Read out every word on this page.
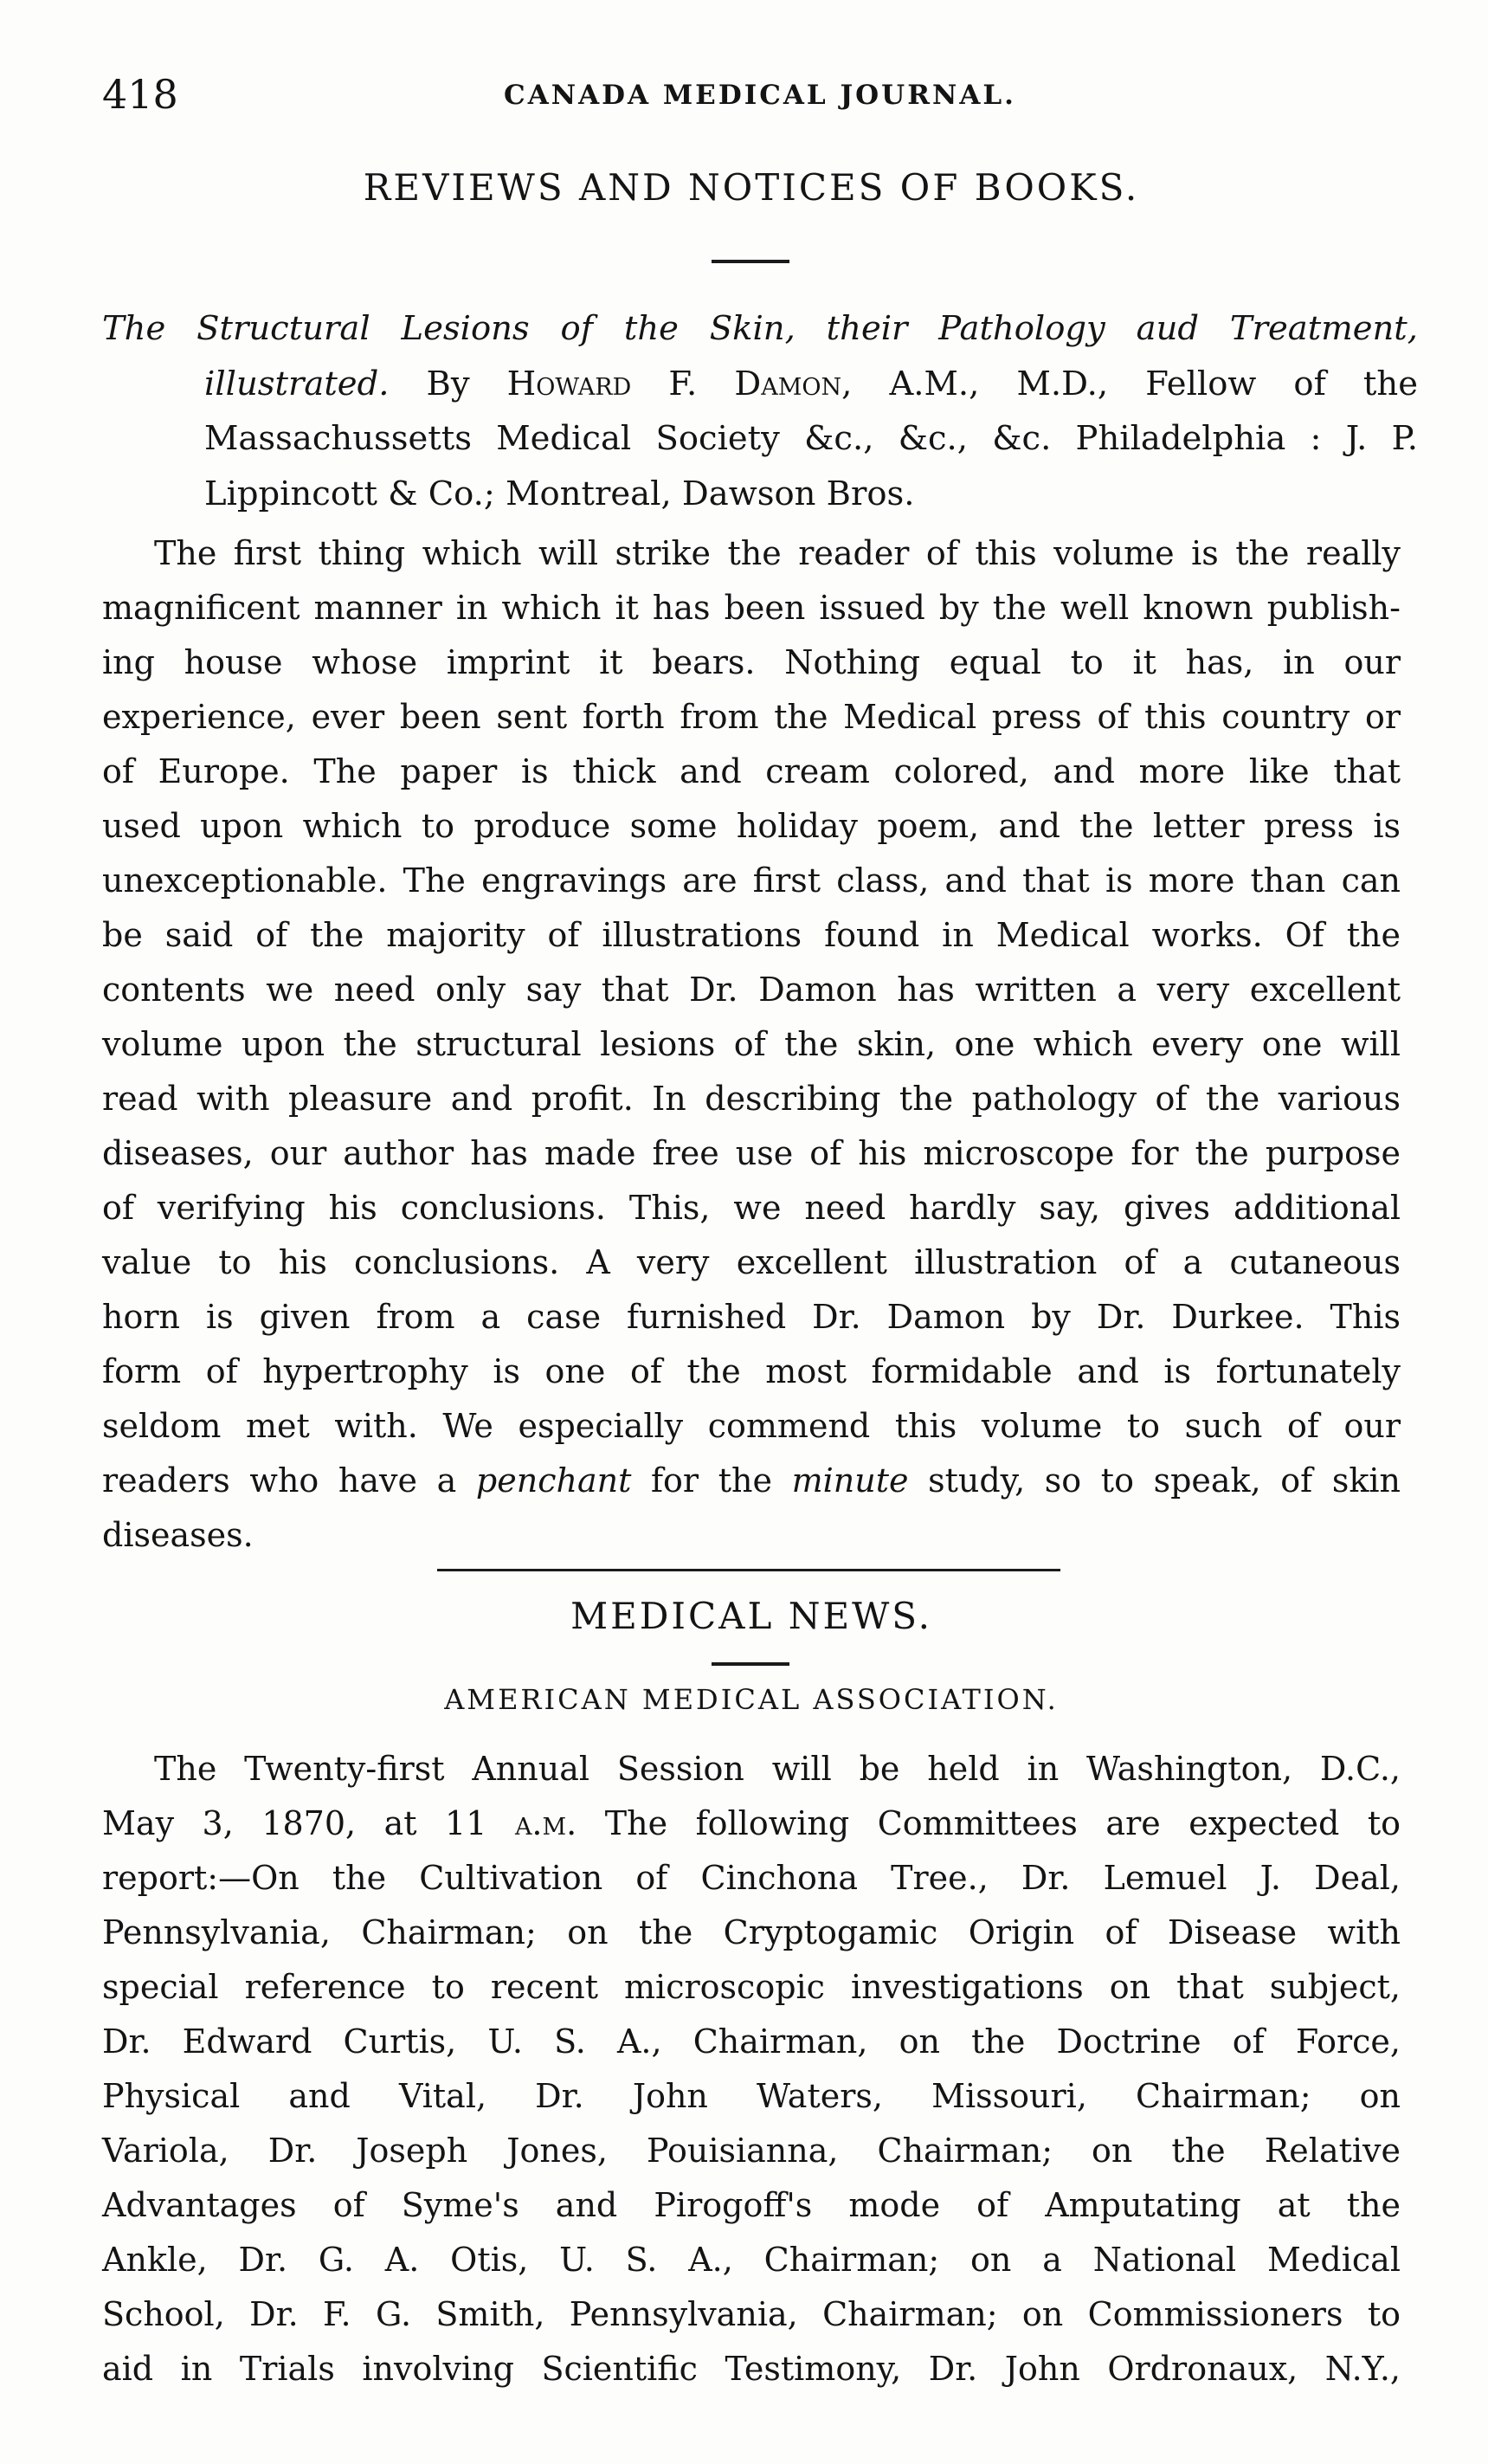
418	CANADA MEDICAL JOURNAL.
REVIEWS AND NOTICES OF BOOKS.
The Structural Lesions of the Skin, their Pathology aud Treatment,
illustrated. By Howard F. Damon, A.M., M.D., Fellow of the
Massachussetts Medical Society &c., &c., &c. Philadelphia : J. P.
Lippincott & Co.; Montreal, Dawson Bros.
The first thing which will strike the reader of this volume is the really
magnificent manner in which it has been issued by the well known publish-
ing house whose imprint it bears. Nothing equal to it has, in our
experience, ever been sent forth from the Medical press of this country or
of Europe. The paper is thick and cream colored, and more like that
used upon which to produce some holiday poem, and the letter press is
unexceptionable. The engravings are first class, and that is more than can
be said of the majority of illustrations found in Medical works. Of the
contents we need only say that Dr. Damon has written a very excellent
volume upon the structural lesions of the skin, one which every one will
read with pleasure and profit. In describing the pathology of the various
diseases, our author has made free use of his microscope for the purpose
of verifying his conclusions. This, we need hardly say, gives additional
value to his conclusions. A very excellent illustration of a cutaneous
horn is given from a case furnished Dr. Damon by Dr. Durkee. This
form of hypertrophy is one of the most formidable and is fortunately
seldom met with. We especially commend this volume to such of our
readers who have a penchant for the minute study, so to speak, of skin
diseases.
MEDICAL NEWS.
AMERICAN MEDICAL ASSOCIATION.
The Twenty-first Annual Session will be held in Washington, D.C.,
May 3, 1870, at 11 a.m. The following Committees are expected to
report:—On the Cultivation of Cinchona Tree., Dr. Lemuel J. Deal,
Pennsylvania, Chairman; on the Cryptogamic Origin of Disease with
special reference to recent microscopic investigations on that subject,
Dr. Edward Curtis, U. S. A., Chairman, on the Doctrine of Force,
Physical and Vital, Dr. John Waters, Missouri, Chairman; on
Variola, Dr. Joseph Jones, Pouisianna, Chairman; on the Relative
Advantages of Syme's and Pirogoff's mode of Amputating at the
Ankle, Dr. G. A. Otis, U. S. A., Chairman; on a National Medical
School, Dr. F. G. Smith, Pennsylvania, Chairman; on Commissioners to
aid in Trials involving Scientific Testimony, Dr. John Ordronaux, N.Y.,
